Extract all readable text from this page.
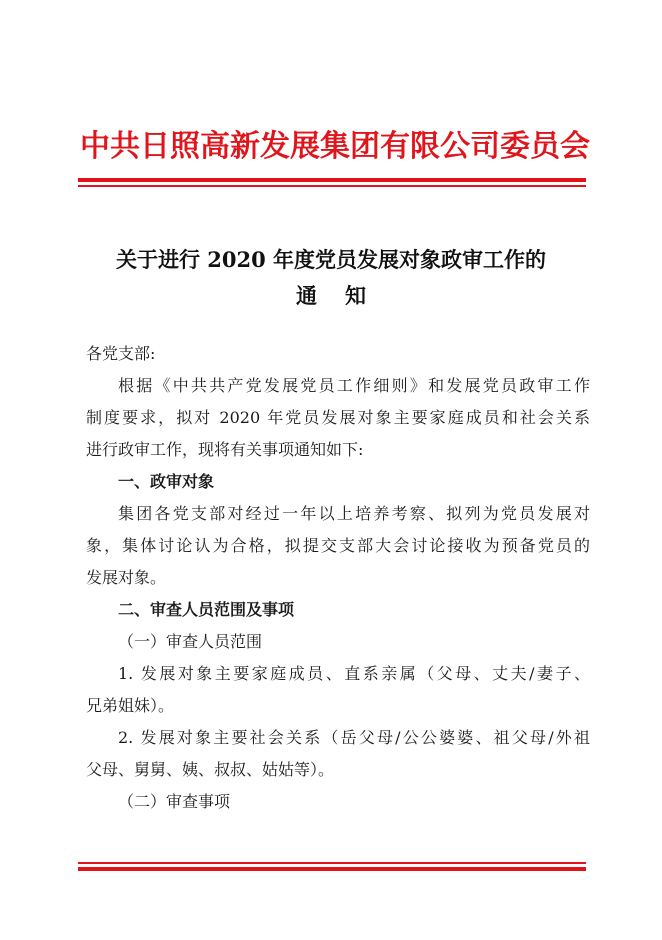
中共日照高新发展集团有限公司委员会
关于进行 2020 年度党员发展对象政审工作的
通知
各党支部:
根据《中共共产党发展党员工作细则》和发展党员政审工作
制度要求，拟对 2020 年党员发展对象主要家庭成员和社会关系
进行政审工作，现将有关事项通知如下:
一、政审对象
集团各党支部对经过一年以上培养考察、拟列为党员发展对
象，集体讨论认为合格，拟提交支部大会讨论接收为预备党员的
发展对象。
二、审查人员范围及事项
（一）审查人员范围
1. 发展对象主要家庭成员、直系亲属（父母、丈夫/妻子、
兄弟姐妹）。
2. 发展对象主要社会关系（岳父母/公公婆婆、祖父母/外祖
父母、舅舅、姨、叔叔、姑姑等）。
（二）审查事项
